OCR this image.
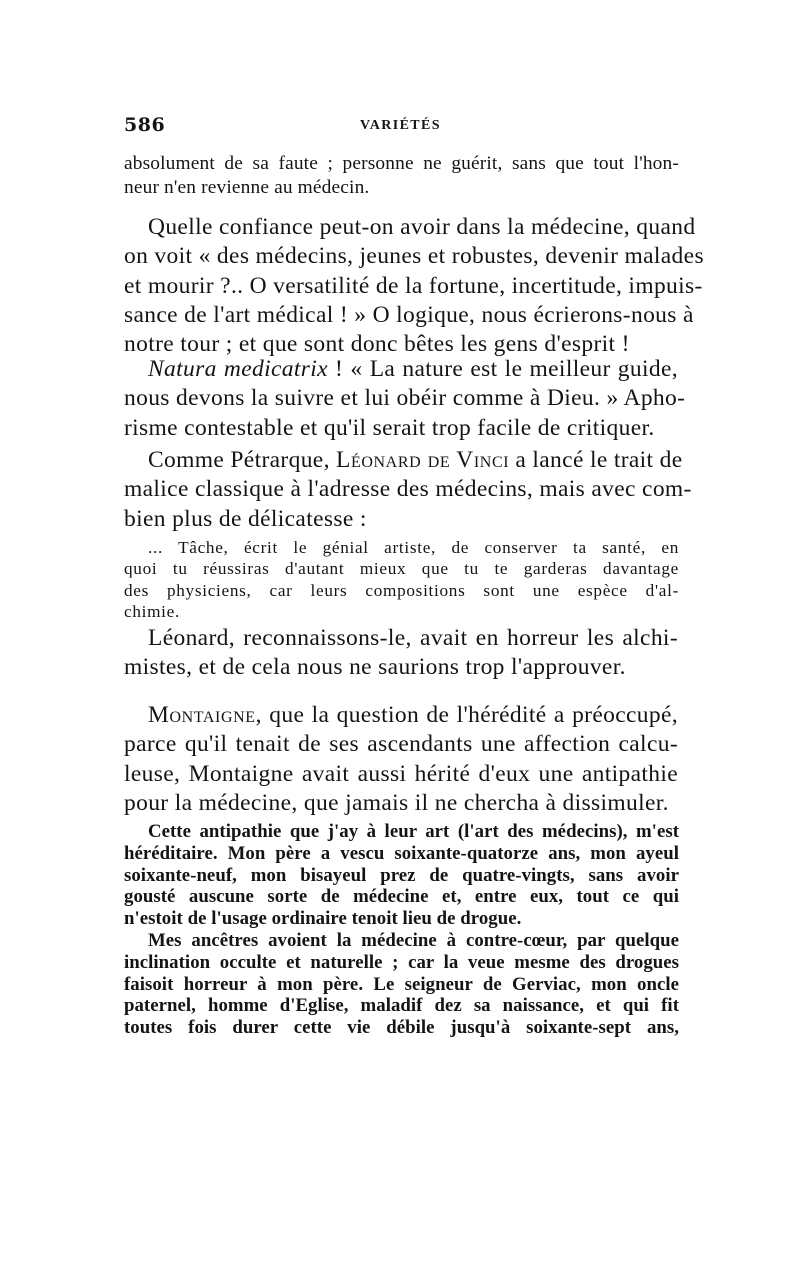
586	VARIÉTÉS
absolument de sa faute ; personne ne guérit, sans que tout l'hon-
neur n'en revienne au médecin.
Quelle confiance peut-on avoir dans la médecine, quand
on voit « des médecins, jeunes et robustes, devenir malades
et mourir ?.. O versatilité de la fortune, incertitude, impuis-
sance de l'art médical ! » O logique, nous écrierons-nous à
notre tour ; et que sont donc bêtes les gens d'esprit !
Natura medicatrix ! « La nature est le meilleur guide,
nous devons la suivre et lui obéir comme à Dieu. » Apho-
risme contestable et qu'il serait trop facile de critiquer.
Comme Pétrarque, Léonard de Vinci a lancé le trait de
malice classique à l'adresse des médecins, mais avec com-
bien plus de délicatesse :
... Tâche, écrit le génial artiste, de conserver ta santé, en
quoi tu réussiras d'autant mieux que tu te garderas davantage
des physiciens, car leurs compositions sont une espèce d'al-
chimie.
Léonard, reconnaissons-le, avait en horreur les alchi-
mistes, et de cela nous ne saurions trop l'approuver.
Montaigne, que la question de l'hérédité a préoccupé,
parce qu'il tenait de ses ascendants une affection calcu-
leuse, Montaigne avait aussi hérité d'eux une antipathie
pour la médecine, que jamais il ne chercha à dissimuler.
Cette antipathie que j'ay à leur art (l'art des médecins), m'est
héréditaire. Mon père a vescu soixante-quatorze ans, mon ayeul
soixante-neuf, mon bisayeul prez de quatre-vingts, sans avoir
gousté auscune sorte de médecine et, entre eux, tout ce qui
n'estoit de l'usage ordinaire tenoit lieu de drogue.
Mes ancêtres avoient la médecine à contre-cœur, par quelque
inclination occulte et naturelle ; car la veue mesme des drogues
faisoit horreur à mon père. Le seigneur de Gerviac, mon oncle
paternel, homme d'Eglise, maladif dez sa naissance, et qui fit
toutes fois durer cette vie débile jusqu'à soixante-sept ans,
